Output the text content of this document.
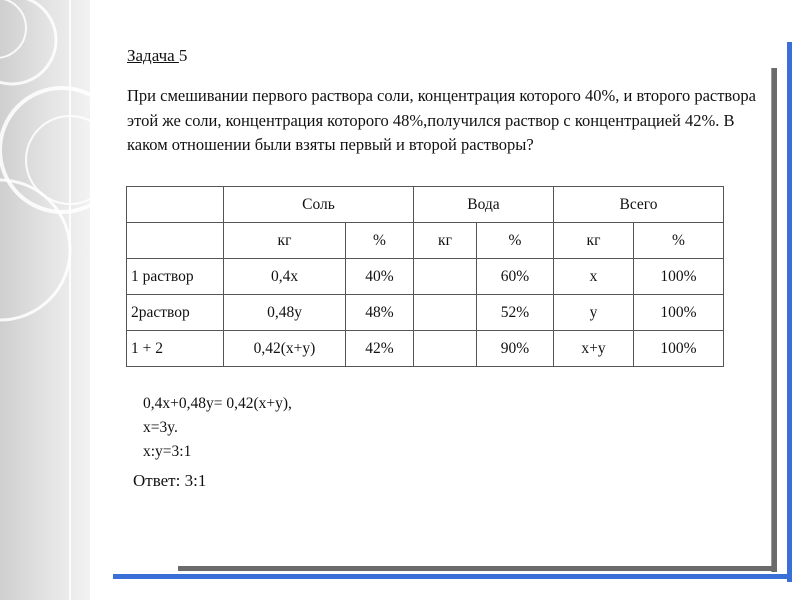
Задача 5
При смешивании первого раствора соли, концентрация которого 40%, и второго раствора этой же соли, концентрация которого 48%,получился раствор с концентрацией 42%. В каком отношении были взяты первый и второй растворы?
	Соль		Вода		Всего	
	кг	%	кг	%	кг	%
1 раствор	0,4x	40%		60%	x	100%
2раствор	0,48y	48%		52%	y	100%
1 + 2	0,42(x+y)	42%		90%	x+y	100%
0,4x+0,48y= 0,42(x+y),
x=3y.
x:y=3:1
Ответ: 3:1
